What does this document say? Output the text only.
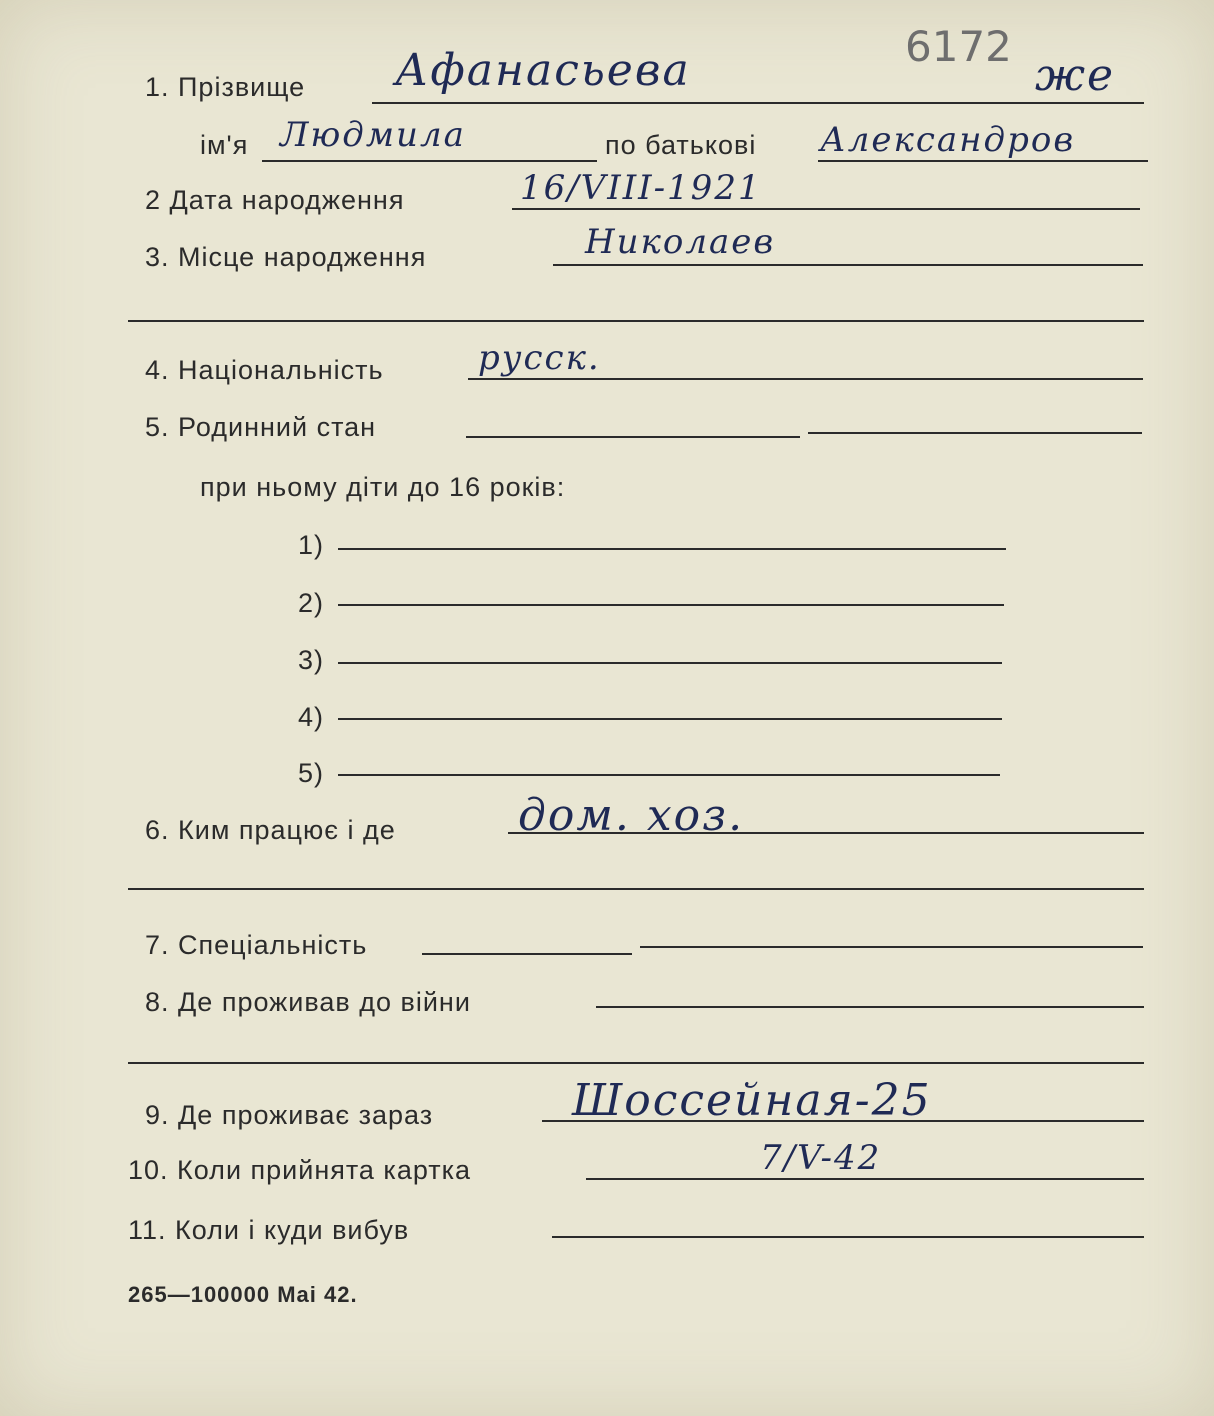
6172
1. Прізвище Афанасьева	же
ім'я Людмила	по батькові Александров
2 Дата народження	16/VIII-1921
3. Місце народження	Николаев
4. Національність	русск.
5. Родинний стан
при ньому діти до 16 років:
1)
2)
3)
4)
5)
6. Ким працює і де	дом. хоз.
7. Спеціальність
8. Де проживав до війни
9. Де проживає зараз	Шоссейная-25
10. Коли прийнята картка	7/V-42
11. Коли і куди вибув
265—100000 Mai 42.
